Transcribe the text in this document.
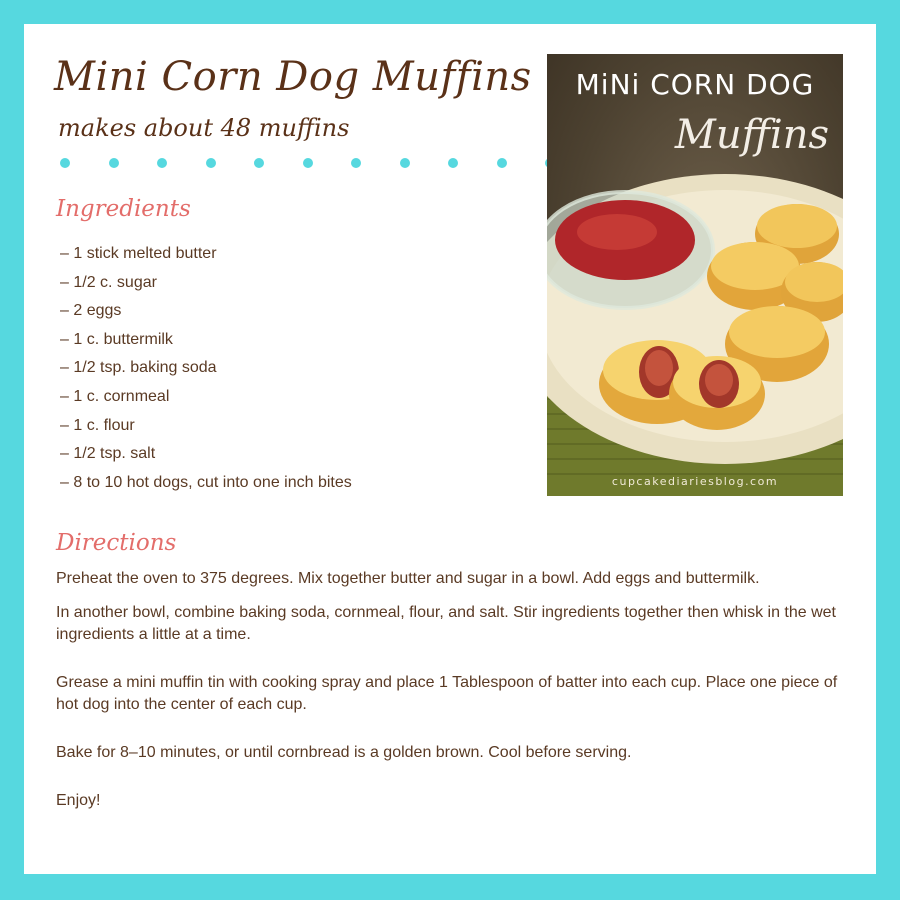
Mini Corn Dog Muffins
makes about 48 muffins
Ingredients
– 1 stick melted butter
– 1/2 c. sugar
– 2 eggs
– 1 c. buttermilk
– 1/2 tsp. baking soda
– 1 c. cornmeal
– 1 c. flour
– 1/2 tsp. salt
– 8 to 10 hot dogs, cut into one inch bites
MiNi CORN DOG
Muffins
cupcakediariesblog.com
Directions

Preheat the oven to 375 degrees. Mix together butter and sugar in a bowl. Add eggs and buttermilk.

In another bowl, combine baking soda, cornmeal, flour, and salt. Stir ingredients together then whisk in the wet ingredients a little at a time.

Grease a mini muffin tin with cooking spray and place 1 Tablespoon of batter into each cup. Place one piece of hot dog into the center of each cup.

Bake for 8–10 minutes, or until cornbread is a golden brown. Cool before serving.

Enjoy!
